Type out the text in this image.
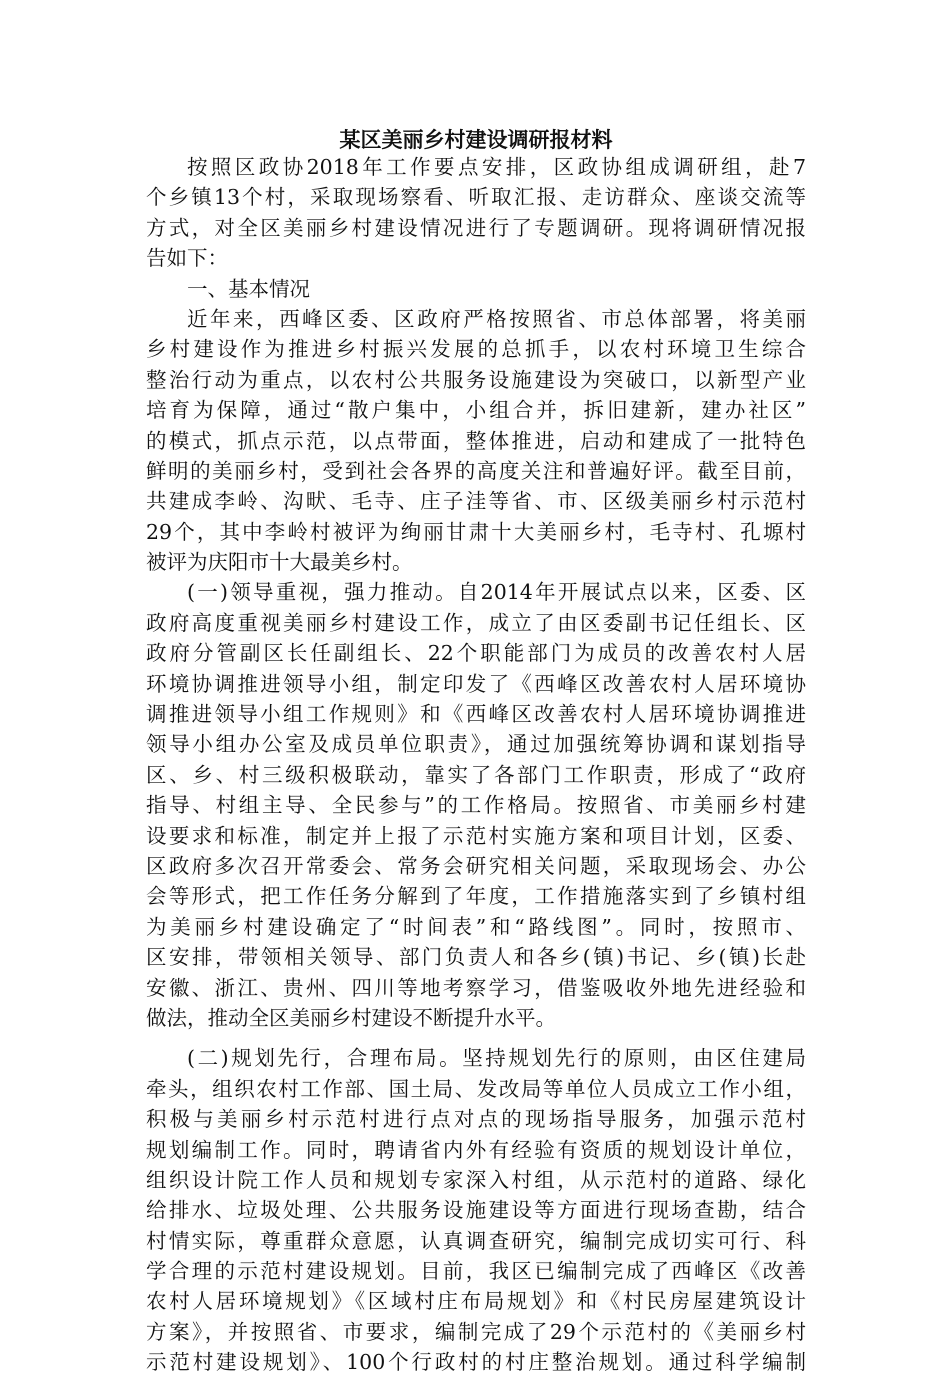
某区美丽乡村建设调研报材料
按照区政协2018年工作要点安排，区政协组成调研组，赴7
个乡镇13个村，采取现场察看、听取汇报、走访群众、座谈交流等
方式，对全区美丽乡村建设情况进行了专题调研。现将调研情况报
告如下：
一、基本情况
近年来，西峰区委、区政府严格按照省、市总体部署，将美丽
乡村建设作为推进乡村振兴发展的总抓手，以农村环境卫生综合
整治行动为重点，以农村公共服务设施建设为突破口，以新型产业
培育为保障，通过“散户集中，小组合并，拆旧建新，建办社区”
的模式，抓点示范，以点带面，整体推进，启动和建成了一批特色
鲜明的美丽乡村，受到社会各界的高度关注和普遍好评。截至目前，
共建成李岭、沟畎、毛寺、庄子洼等省、市、区级美丽乡村示范村
29个，其中李岭村被评为绚丽甘肃十大美丽乡村，毛寺村、孔塬村
被评为庆阳市十大最美乡村。
(一)领导重视，强力推动。自2014年开展试点以来，区委、区
政府高度重视美丽乡村建设工作，成立了由区委副书记任组长、区
政府分管副区长任副组长、22个职能部门为成员的改善农村人居
环境协调推进领导小组，制定印发了《西峰区改善农村人居环境协
调推进领导小组工作规则》和《西峰区改善农村人居环境协调推进
领导小组办公室及成员单位职责》，通过加强统筹协调和谋划指导
区、乡、村三级积极联动，靠实了各部门工作职责，形成了“政府
指导、村组主导、全民参与”的工作格局。按照省、市美丽乡村建
设要求和标准，制定并上报了示范村实施方案和项目计划，区委、
区政府多次召开常委会、常务会研究相关问题，采取现场会、办公
会等形式，把工作任务分解到了年度，工作措施落实到了乡镇村组
为美丽乡村建设确定了“时间表”和“路线图”。同时，按照市、
区安排，带领相关领导、部门负责人和各乡(镇)书记、乡(镇)长赴
安徽、浙江、贵州、四川等地考察学习，借鉴吸收外地先进经验和
做法，推动全区美丽乡村建设不断提升水平。
(二)规划先行，合理布局。坚持规划先行的原则，由区住建局
牵头，组织农村工作部、国土局、发改局等单位人员成立工作小组，
积极与美丽乡村示范村进行点对点的现场指导服务，加强示范村
规划编制工作。同时，聘请省内外有经验有资质的规划设计单位，
组织设计院工作人员和规划专家深入村组，从示范村的道路、绿化
给排水、垃圾处理、公共服务设施建设等方面进行现场查勘，结合
村情实际，尊重群众意愿，认真调查研究，编制完成切实可行、科
学合理的示范村建设规划。目前，我区已编制完成了西峰区《改善
农村人居环境规划》《区域村庄布局规划》和《村民房屋建筑设计
方案》，并按照省、市要求，编制完成了29个示范村的《美丽乡村
示范村建设规划》、100个行政村的村庄整治规划。通过科学编制
